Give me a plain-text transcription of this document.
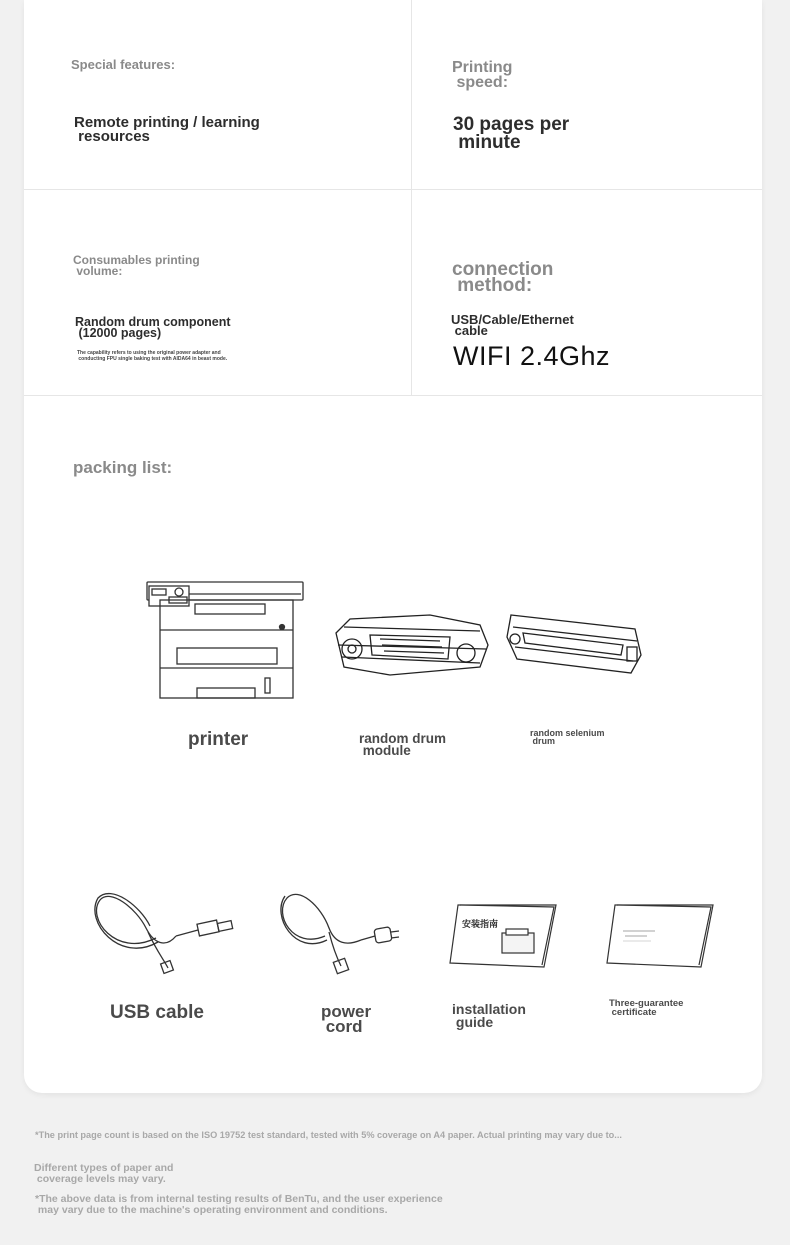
Special features:
Remote printing / learning
resources
Printing
speed:
30 pages per
minute
Consumables printing
volume:
Random drum component
(12000 pages)
The capability refers to using the original power adapter and
conducting FPU single baking test with AIDA64 in beast mode.
connection
method:
USB/Cable/Ethernet
cable
WIFI 2.4Ghz
packing list:
printer	random drum
module
random selenium
drum
安装指南
USB cable	power
cord
installation
guide
Three-guarantee
certificate
*The print page count is based on the ISO 19752 test standard, tested with 5% coverage on A4 paper. Actual printing may vary due to...
Different types of paper and
coverage levels may vary.
*The above data is from internal testing results of BenTu, and the user experience
may vary due to the machine's operating environment and conditions.
